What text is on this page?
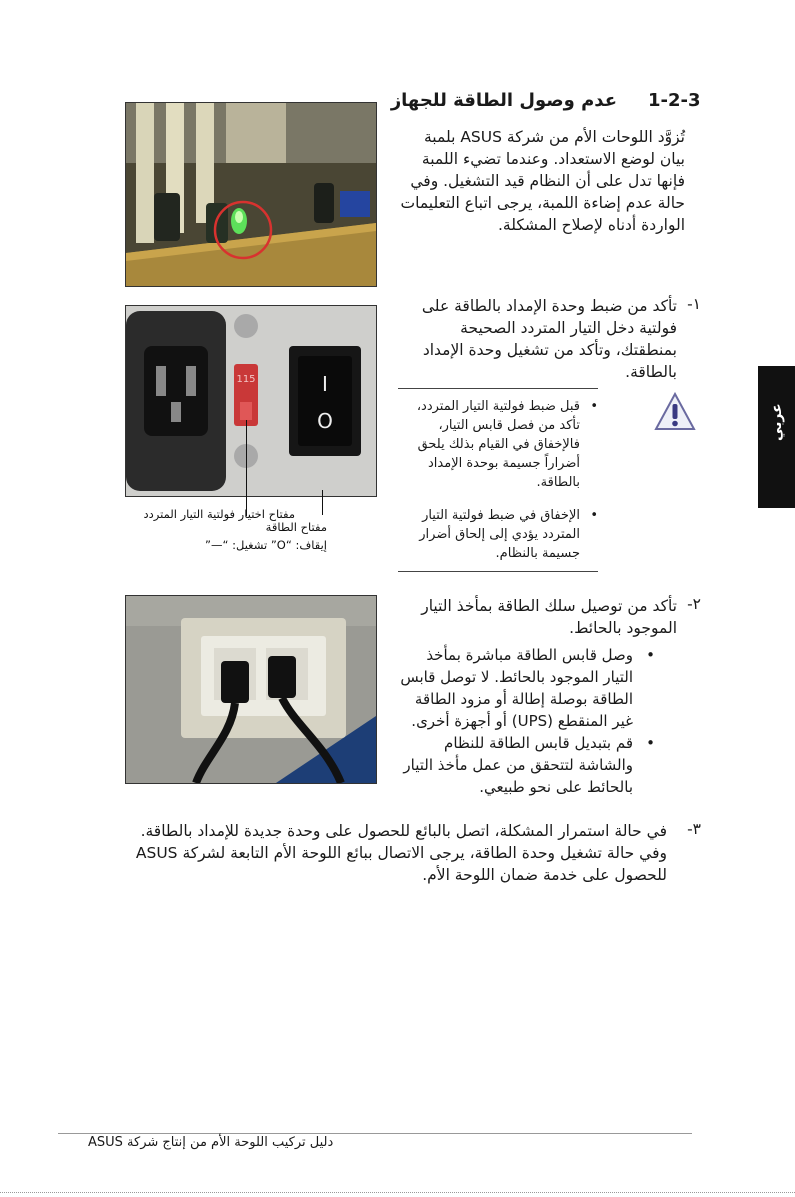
1-2-3
عدم وصول الطاقة للجهاز

تُزوَّد اللوحات الأم من شركة ASUS بلمبة بيان لوضع الاستعداد. وعندما تضيء اللمبة فإنها تدل على أن النظام قيد التشغيل. وفي حالة عدم إضاءة اللمبة، يرجى اتباع التعليمات الواردة أدناه لإصلاح المشكلة.

115	I
O
١-

تأكد من ضبط وحدة الإمداد بالطاقة على فولتية دخل التيار المتردد الصحيحة بمنطقتك، وتأكد من تشغيل وحدة الإمداد بالطاقة.

• قبل ضبط فولتية التيار المتردد، تأكد من فصل قابس التيار، فالإخفاق في القيام بذلك يلحق أضراراً جسيمة بوحدة الإمداد بالطاقة.
• الإخفاق في ضبط فولتية التيار المتردد يؤدي إلى إلحاق أضرار جسيمة بالنظام.
مفتاح اختيار فولتية التيار المتردد
مفتاح الطاقة
إيقاف: “O” تشغيل: “—”
٢-

تأكد من توصيل سلك الطاقة بمأخذ التيار الموجود بالحائط.

• وصل قابس الطاقة مباشرة بمأخذ التيار الموجود بالحائط. لا توصل قابس الطاقة بوصلة إطالة أو مزود الطاقة غير المنقطع (UPS) أو أجهزة أخرى.
• قم بتبديل قابس الطاقة للنظام والشاشة لتتحقق من عمل مأخذ التيار بالحائط على نحو طبيعي.
٣-

في حالة استمرار المشكلة، اتصل بالبائع للحصول على وحدة جديدة للإمداد بالطاقة. وفي حالة تشغيل وحدة الطاقة، يرجى الاتصال ببائع اللوحة الأم التابعة لشركة ASUS للحصول على خدمة ضمان اللوحة الأم.

عربي
دليل تركيب اللوحة الأم من إنتاج شركة ASUS
